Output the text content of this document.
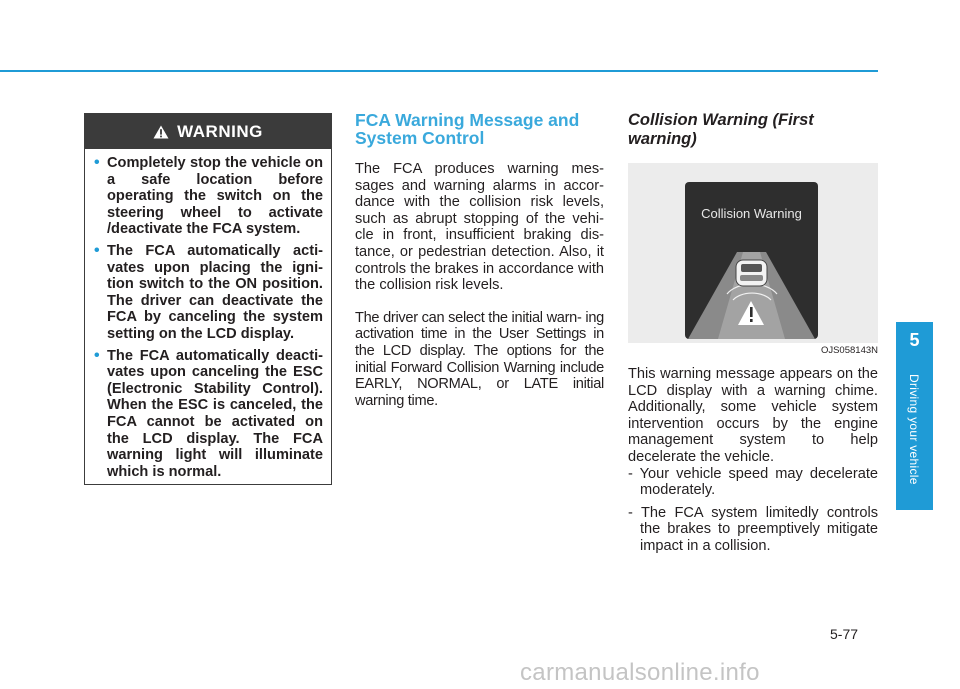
WARNING
• Completely stop the vehicle on a safe location before operating the switch on the steering wheel to activate /deactivate the FCA system.
• The FCA automatically acti- vates upon placing the igni- tion switch to the ON position. The driver can deactivate the FCA by canceling the system setting on the LCD display.
• The FCA automatically deacti- vates upon canceling the ESC (Electronic Stability Control). When the ESC is canceled, the FCA cannot be activated on the LCD display. The FCA warning light will illuminate which is normal.
FCA Warning Message and System Control

The FCA produces warning mes- sages and warning alarms in accor- dance with the collision risk levels, such as abrupt stopping of the vehi- cle in front, insufficient braking dis- tance, or pedestrian detection. Also, it controls the brakes in accordance with the collision risk levels.

The driver can select the initial warn- ing activation time in the User Settings in the LCD display. The options for the initial Forward Collision Warning include EARLY, NORMAL, or LATE initial warning time.

Collision Warning (First warning)
Collision Warning
OJS058143N

This warning message appears on the LCD display with a warning chime. Additionally, some vehicle system intervention occurs by the engine management system to help decelerate the vehicle.

- Your vehicle speed may decelerate moderately.

- The FCA system limitedly controls the brakes to preemptively mitigate impact in a collision.

5
Driving your vehicle
5-77
carmanualsonline.info
